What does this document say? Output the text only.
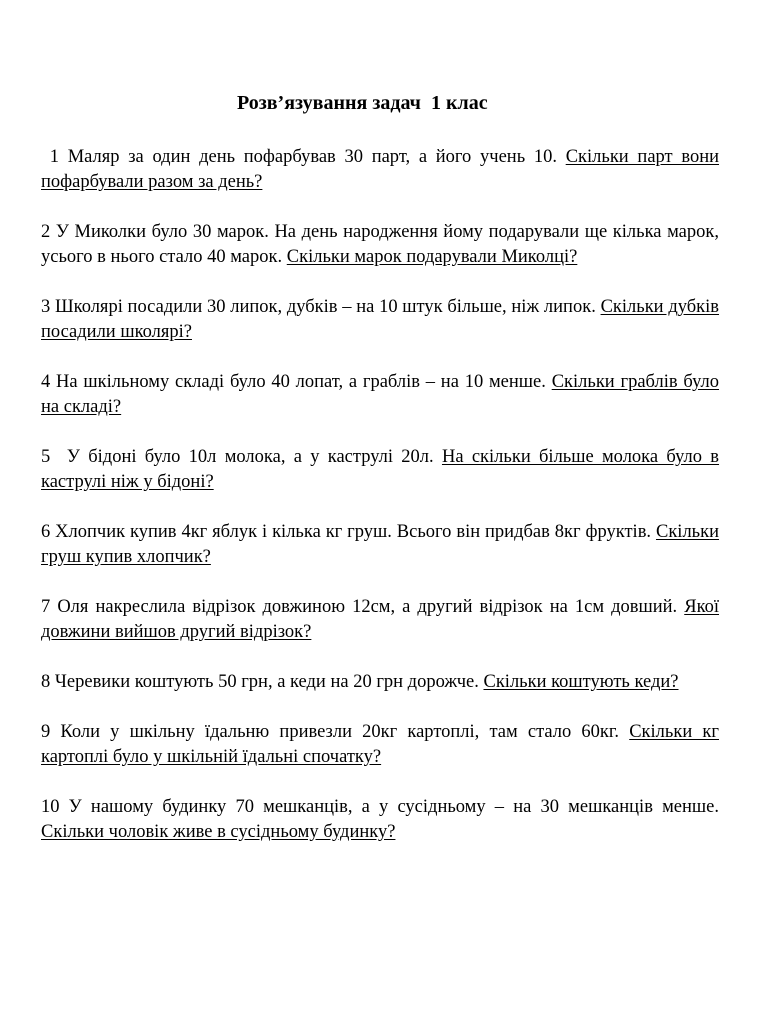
Розв’язування задач  1 клас

1 Маляр за один день пофарбував 30 парт, а його учень 10. Скільки парт вони пофарбували разом за день?

2 У Миколки було 30 марок. На день народження йому подарували ще кілька марок, усього в нього стало 40 марок. Скільки марок подарували Миколці?

3 Школярі посадили 30 липок, дубків – на 10 штук більше, ніж липок. Скільки дубків посадили школярі?

4 На шкільному складі було 40 лопат, а граблів – на 10 менше. Скільки граблів було на складі?

5  У бідоні було 10л молока, а у каструлі 20л. На скільки більше молока було в каструлі ніж у бідоні?

6 Хлопчик купив 4кг яблук і кілька кг груш. Всього він придбав 8кг фруктів. Скільки груш купив хлопчик?

7 Оля накреслила відрізок довжиною 12см, а другий відрізок на 1см довший. Якої довжини вийшов другий відрізок?

8 Черевики коштують 50 грн, а кеди на 20 грн дорожче. Скільки коштують кеди?

9 Коли у шкільну їдальню привезли 20кг картоплі, там стало 60кг. Скільки кг картоплі було у шкільній їдальні спочатку?

10 У нашому будинку 70 мешканців, а у сусідньому – на 30 мешканців менше. Скільки чоловік живе в сусідньому будинку?
